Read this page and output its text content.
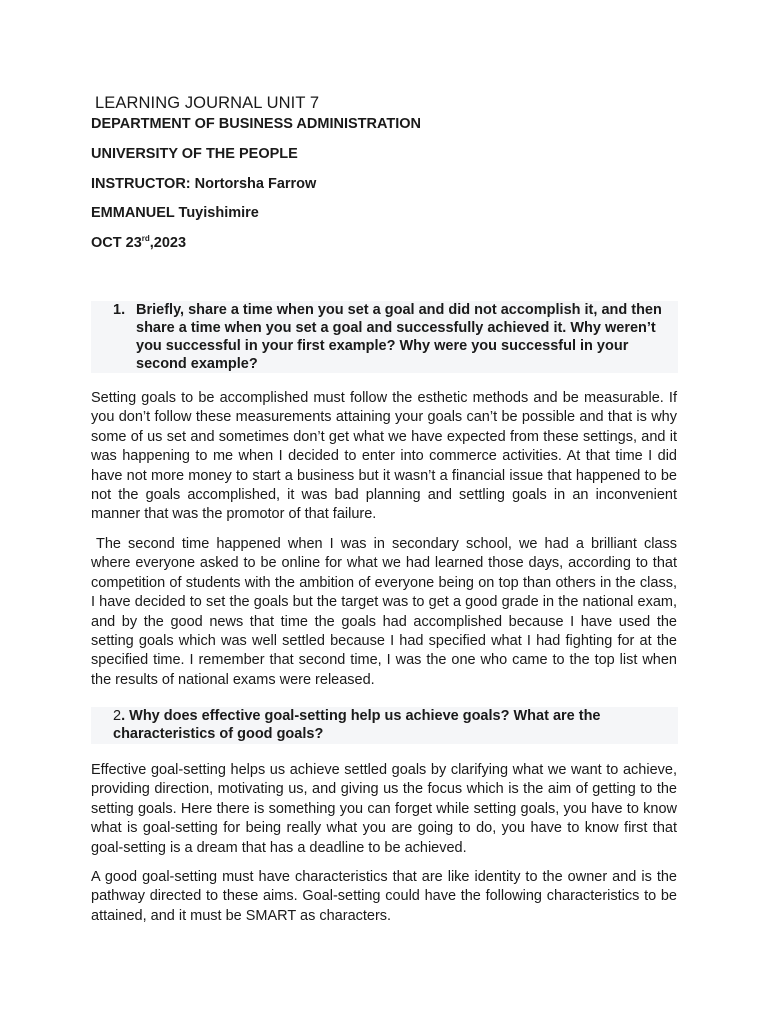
LEARNING JOURNAL UNIT 7
DEPARTMENT OF BUSINESS ADMINISTRATION
UNIVERSITY OF THE PEOPLE
INSTRUCTOR: Nortorsha Farrow
EMMANUEL Tuyishimire
OCT 23rd,2023
1. Briefly, share a time when you set a goal and did not accomplish it, and then share a time when you set a goal and successfully achieved it. Why weren’t you successful in your first example? Why were you successful in your second example?

Setting goals to be accomplished must follow the esthetic methods and be measurable. If you don’t follow these measurements attaining your goals can’t be possible and that is why some of us set and sometimes don’t get what we have expected from these settings, and it was happening to me when I decided to enter into commerce activities. At that time I did have not more money to start a business but it wasn’t a financial issue that happened to be not the goals accomplished, it was bad planning and settling goals in an inconvenient manner that was the promotor of that failure.

The second time happened when I was in secondary school, we had a brilliant class where everyone asked to be online for what we had learned those days, according to that competition of students with the ambition of everyone being on top than others in the class, I have decided to set the goals but the target was to get a good grade in the national exam, and by the good news that time the goals had accomplished because I have used the setting goals which was well settled because I had specified what I had fighting for at the specified time. I remember that second time, I was the one who came to the top list when the results of national exams were released.

2. Why does effective goal-setting help us achieve goals? What are the characteristics of good goals?

Effective goal-setting helps us achieve settled goals by clarifying what we want to achieve, providing direction, motivating us, and giving us the focus which is the aim of getting to the setting goals. Here there is something you can forget while setting goals, you have to know what is goal-setting for being really what you are going to do, you have to know first that goal-setting is a dream that has a deadline to be achieved.

A good goal-setting must have characteristics that are like identity to the owner and is the pathway directed to these aims. Goal-setting could have the following characteristics to be attained, and it must be SMART as characters.
